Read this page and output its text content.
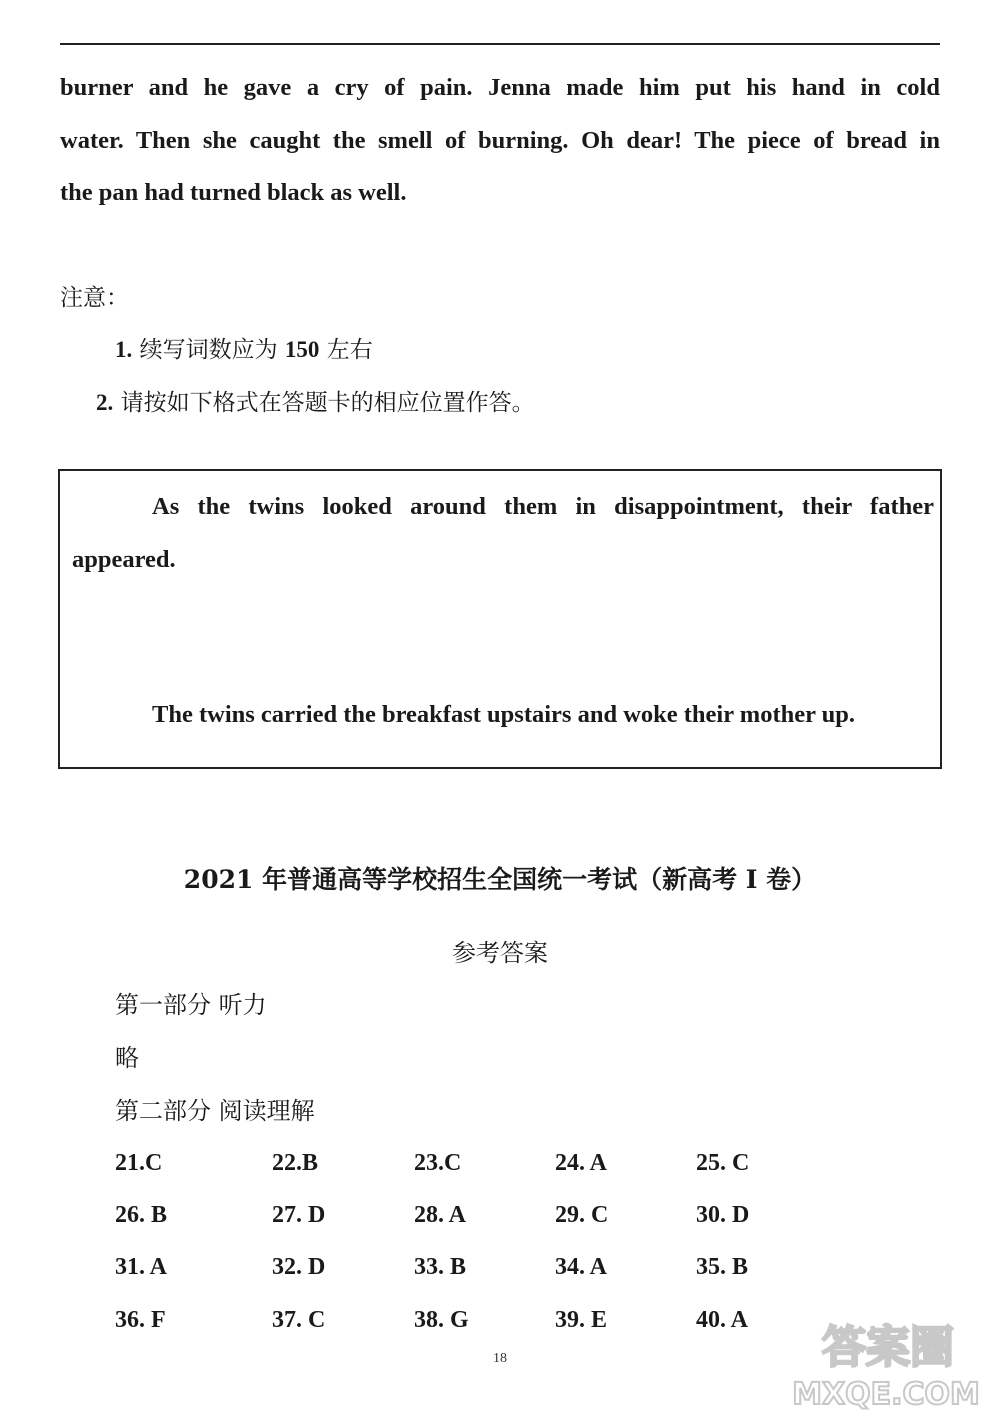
burner and he gave a cry of pain. Jenna made him put his hand in cold

water. Then she caught the smell of burning. Oh dear! The piece of bread in

the pan had turned black as well.

注意：
1. 续写词数应为 150 左右
2. 请按如下格式在答题卡的相应位置作答。

As the twins looked around them in disappointment, their father appeared.

The twins carried the breakfast upstairs and woke their mother up.
2021 年普通高等学校招生全国统一考试（新高考 I 卷）
参考答案
第一部分 听力
略
第二部分 阅读理解
21.C	22.B	23.C	24. A	25. C
26. B	27. D	28. A	29. C	30. D
31. A	32. D	33. B	34. A	35. B
36. F	37. C	38. G	39. E	40. A
18	答案圈
MXQE.COM
